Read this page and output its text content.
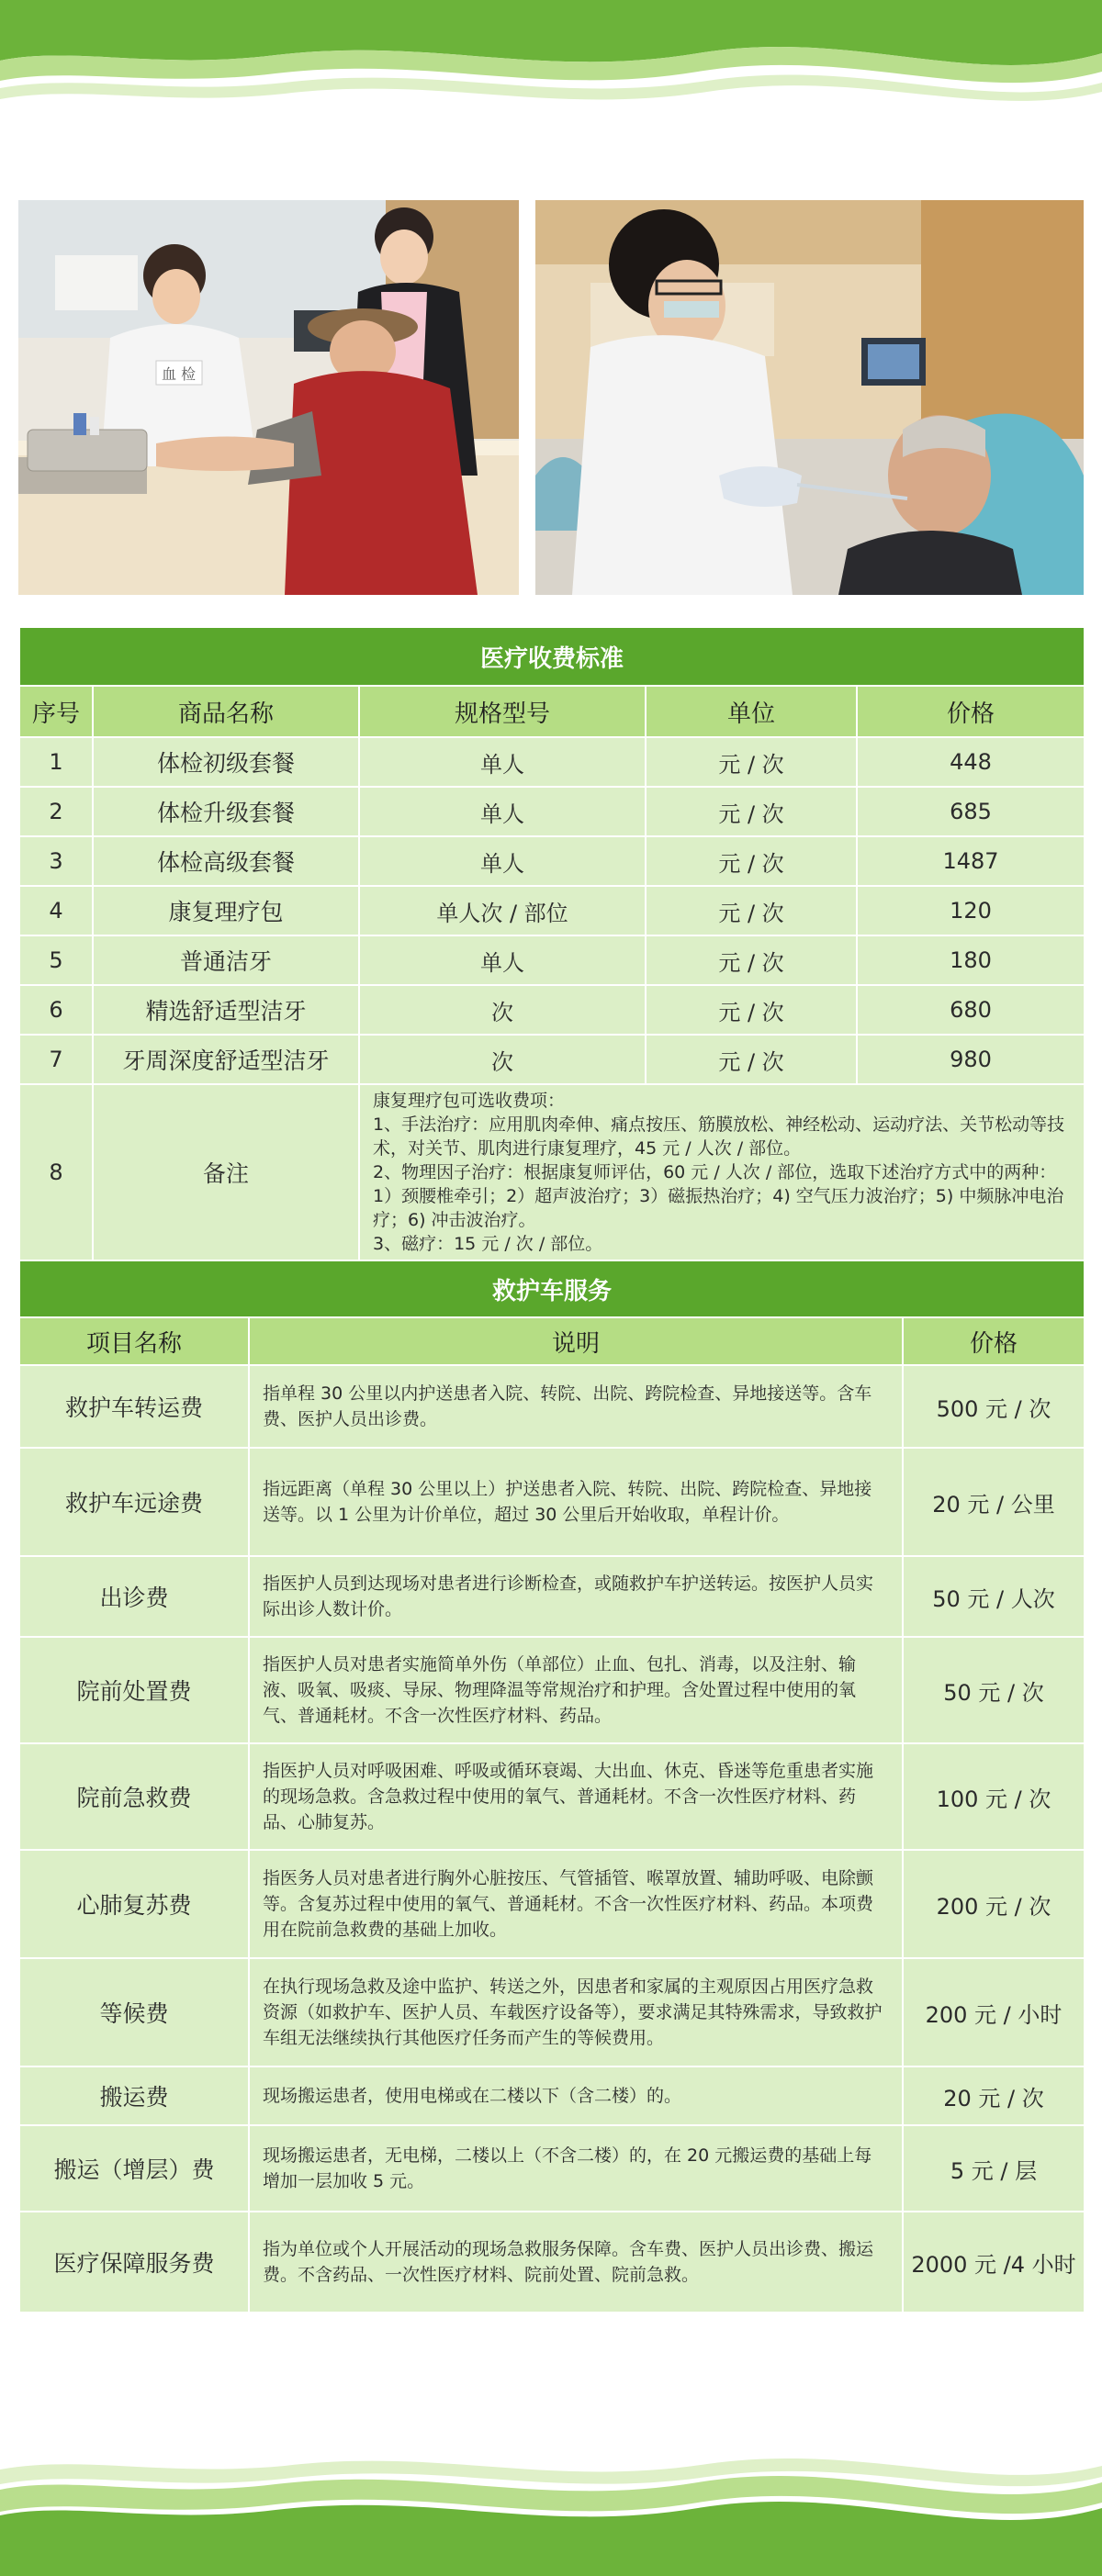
血 检
医疗收费标准				
序号	商品名称	规格型号	单位	价格
1	体检初级套餐	单人	元 / 次	448
2	体检升级套餐	单人	元 / 次	685
3	体检高级套餐	单人	元 / 次	1487
4	康复理疗包	单人次 / 部位	元 / 次	120
5	普通洁牙	单人	元 / 次	180
6	精选舒适型洁牙	次	元 / 次	680
7	牙周深度舒适型洁牙	次	元 / 次	980
8	备注	康复理疗包可选收费项：
1、手法治疗：应用肌肉牵伸、痛点按压、筋膜放松、神经松动、运动疗法、关节松动等技术，对关节、肌肉进行康复理疗，45 元 / 人次 / 部位。
2、物理因子治疗：根据康复师评估，60 元 / 人次 / 部位，选取下述治疗方式中的两种：1）颈腰椎牵引；2）超声波治疗；3）磁振热治疗；4) 空气压力波治疗；5) 中频脉冲电治疗；6) 冲击波治疗。
3、磁疗：15 元 / 次 / 部位。		
救护车服务		
项目名称	说明	价格
救护车转运费	指单程 30 公里以内护送患者入院、转院、出院、跨院检查、异地接送等。含车费、医护人员出诊费。	500 元 / 次
救护车远途费	指远距离（单程 30 公里以上）护送患者入院、转院、出院、跨院检查、异地接送等。以 1 公里为计价单位，超过 30 公里后开始收取，单程计价。	20 元 / 公里
出诊费	指医护人员到达现场对患者进行诊断检查，或随救护车护送转运。按医护人员实际出诊人数计价。	50 元 / 人次
院前处置费	指医护人员对患者实施简单外伤（单部位）止血、包扎、消毒，以及注射、输液、吸氧、吸痰、导尿、物理降温等常规治疗和护理。含处置过程中使用的氧气、普通耗材。不含一次性医疗材料、药品。	50 元 / 次
院前急救费	指医护人员对呼吸困难、呼吸或循环衰竭、大出血、休克、昏迷等危重患者实施的现场急救。含急救过程中使用的氧气、普通耗材。不含一次性医疗材料、药品、心肺复苏。	100 元 / 次
心肺复苏费	指医务人员对患者进行胸外心脏按压、气管插管、喉罩放置、辅助呼吸、电除颤等。含复苏过程中使用的氧气、普通耗材。不含一次性医疗材料、药品。本项费用在院前急救费的基础上加收。	200 元 / 次
等候费	在执行现场急救及途中监护、转送之外，因患者和家属的主观原因占用医疗急救资源（如救护车、医护人员、车载医疗设备等），要求满足其特殊需求，导致救护车组无法继续执行其他医疗任务而产生的等候费用。	200 元 / 小时
搬运费	现场搬运患者，使用电梯或在二楼以下（含二楼）的。	20 元 / 次
搬运（增层）费	现场搬运患者，无电梯，二楼以上（不含二楼）的，在 20 元搬运费的基础上每增加一层加收 5 元。	5 元 / 层
医疗保障服务费	指为单位或个人开展活动的现场急救服务保障。含车费、医护人员出诊费、搬运费。不含药品、一次性医疗材料、院前处置、院前急救。	2000 元 /4 小时
